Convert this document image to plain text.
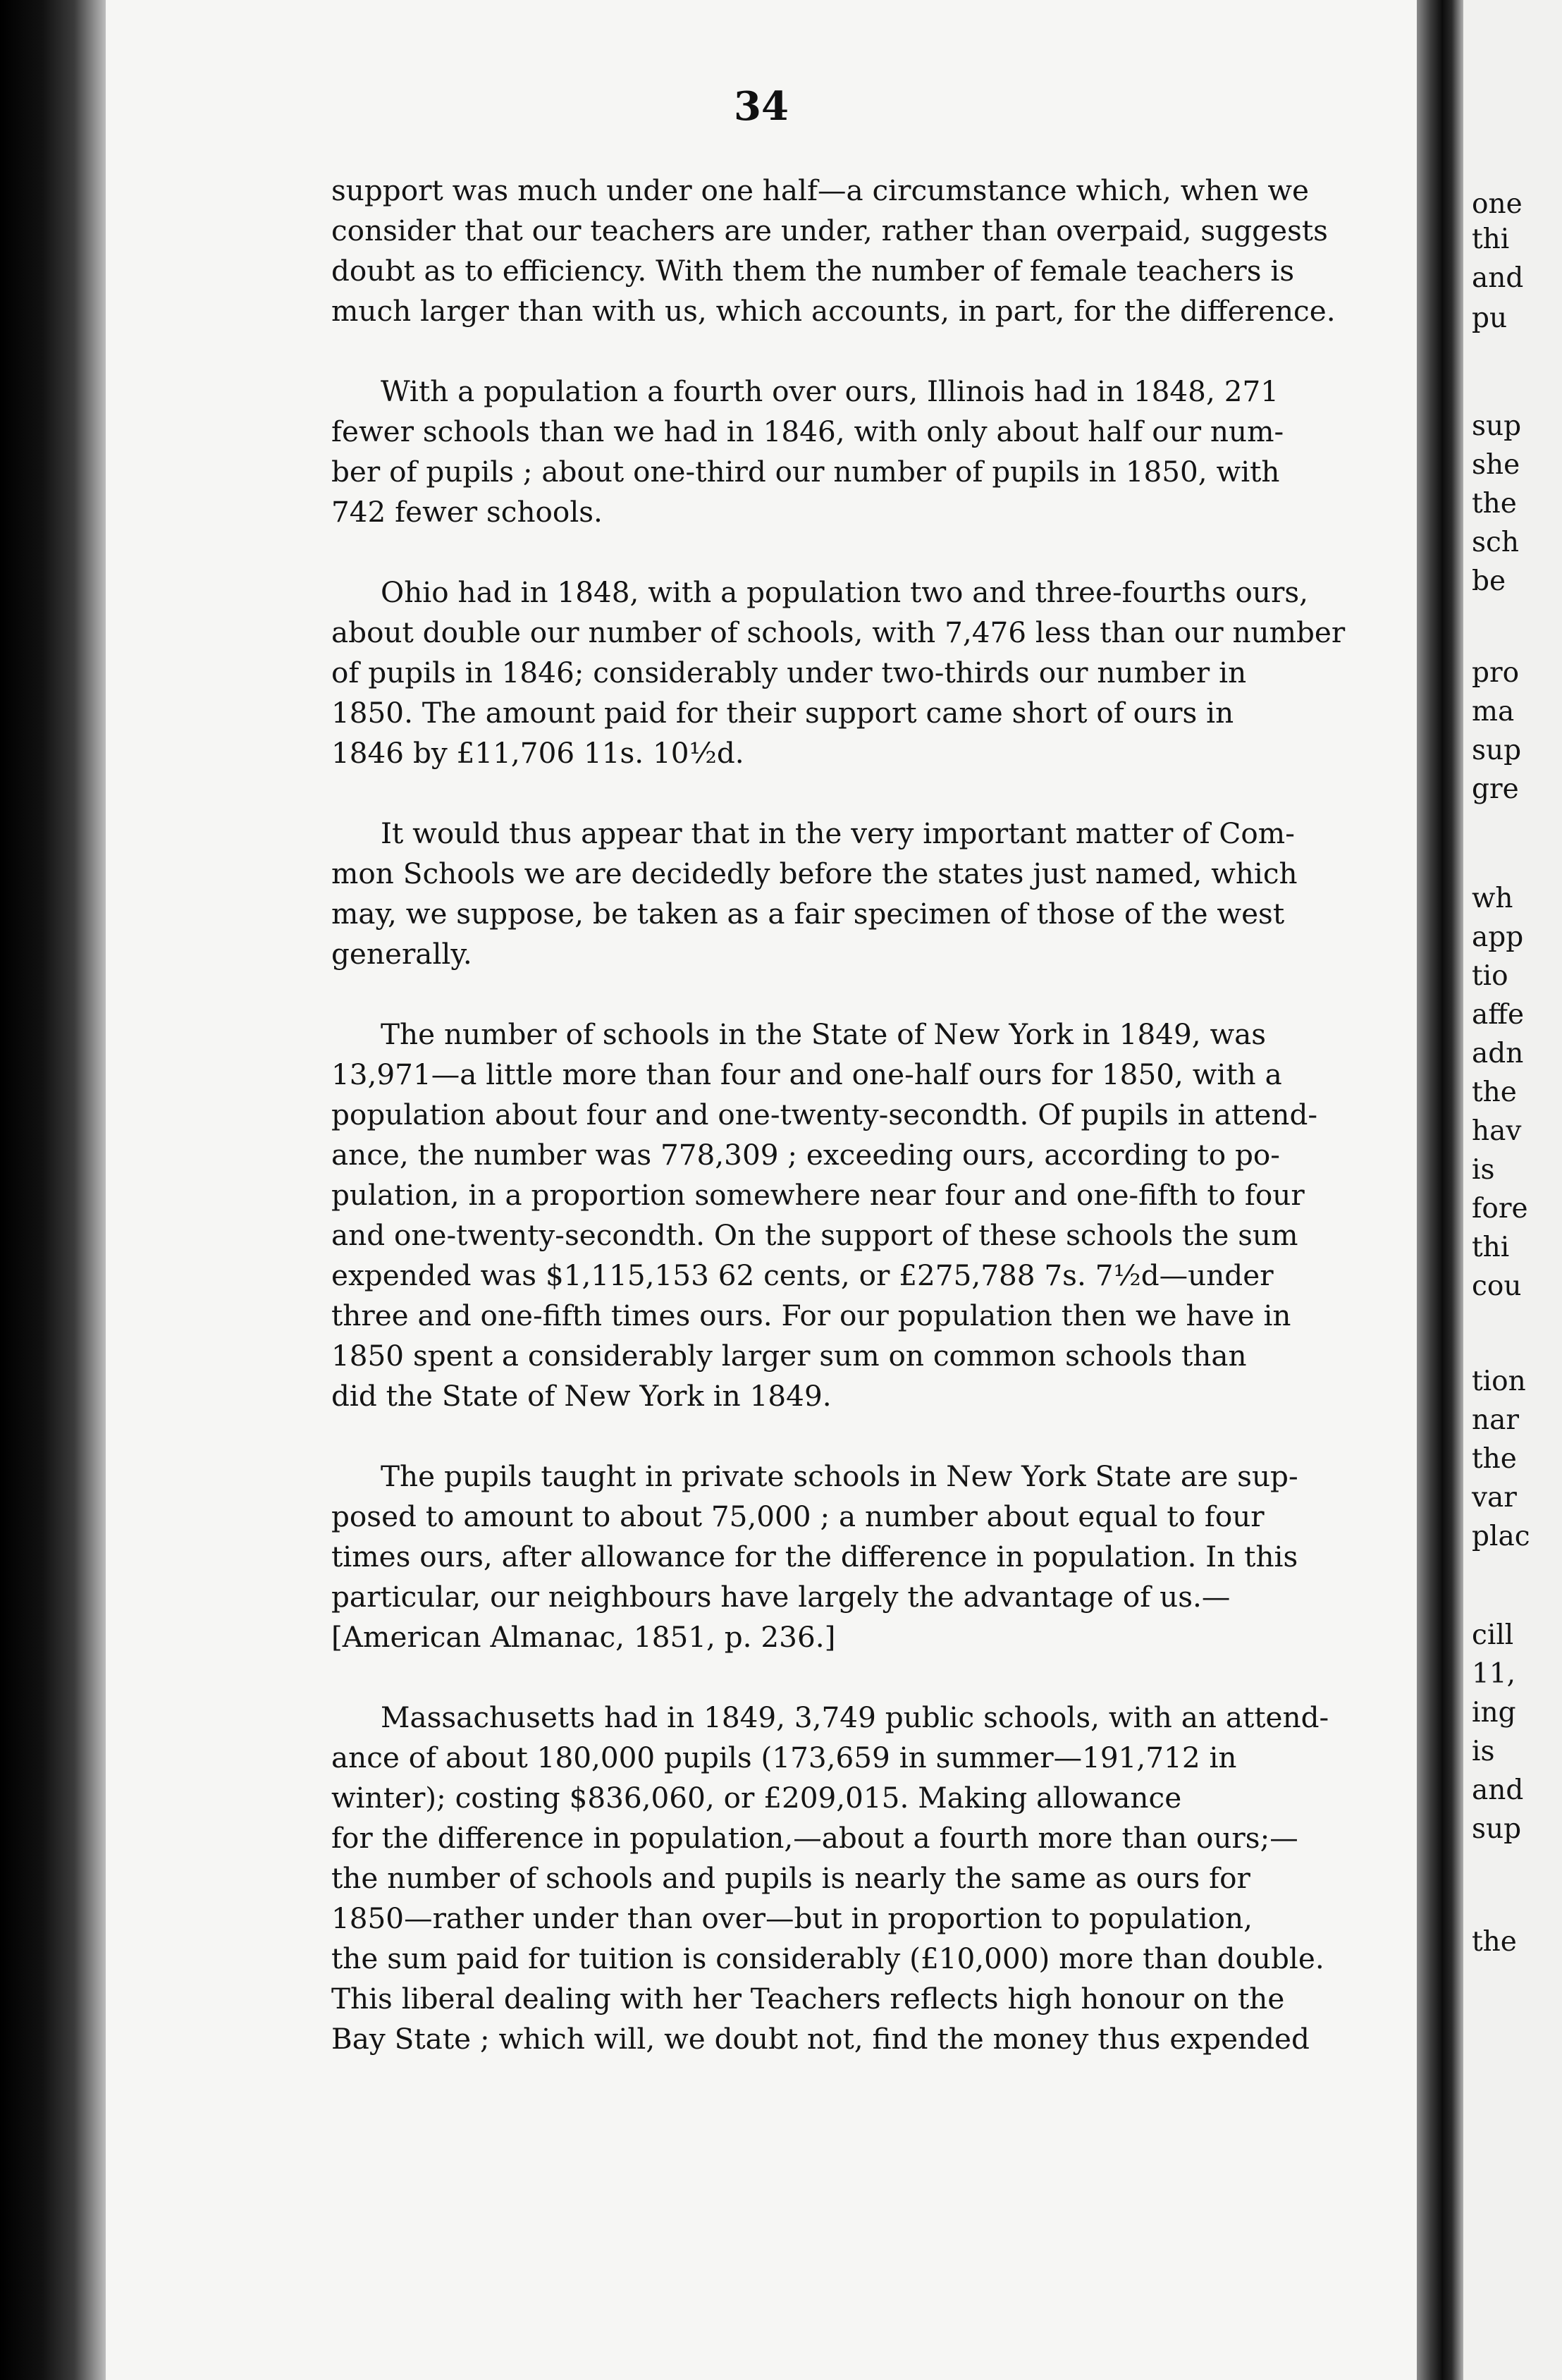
34

support was much under one half—a circumstance which, when we
consider that our teachers are under, rather than overpaid, suggests
doubt as to efficiency. With them the number of female teachers is
much larger than with us, which accounts, in part, for the difference.

With a population a fourth over ours, Illinois had in 1848, 271
fewer schools than we had in 1846, with only about half our num-
ber of pupils ; about one-third our number of pupils in 1850, with
742 fewer schools.

Ohio had in 1848, with a population two and three-fourths ours,
about double our number of schools, with 7,476 less than our number
of pupils in 1846; considerably under two-thirds our number in
1850. The amount paid for their support came short of ours in
1846 by £11,706 11s. 10½d.

It would thus appear that in the very important matter of Com-
mon Schools we are decidedly before the states just named, which
may, we suppose, be taken as a fair specimen of those of the west
generally.

The number of schools in the State of New York in 1849, was
13,971—a little more than four and one-half ours for 1850, with a
population about four and one-twenty-secondth. Of pupils in attend-
ance, the number was 778,309 ; exceeding ours, according to po-
pulation, in a proportion somewhere near four and one-fifth to four
and one-twenty-secondth. On the support of these schools the sum
expended was $1,115,153 62 cents, or £275,788 7s. 7½d—under
three and one-fifth times ours. For our population then we have in
1850 spent a considerably larger sum on common schools than
did the State of New York in 1849.

The pupils taught in private schools in New York State are sup-
posed to amount to about 75,000 ; a number about equal to four
times ours, after allowance for the difference in population. In this
particular, our neighbours have largely the advantage of us.—
[American Almanac, 1851, p. 236.]

Massachusetts had in 1849, 3,749 public schools, with an attend-
ance of about 180,000 pupils (173,659 in summer—191,712 in
winter); costing $836,060, or £209,015. Making allowance
for the difference in population,—about a fourth more than ours;—
the number of schools and pupils is nearly the same as ours for
1850—rather under than over—but in proportion to population,
the sum paid for tuition is considerably (£10,000) more than double.
This liberal dealing with her Teachers reflects high honour on the
Bay State ; which will, we doubt not, find the money thus expended

one
thi
and
pu
sup
she
the
sch
be
pro
ma
sup
gre
wh
app
tio
affe
adn
the
hav
is
fore
thi
cou
tion
nar
the
var
plac
cill
11,
ing
is
and
sup
the
